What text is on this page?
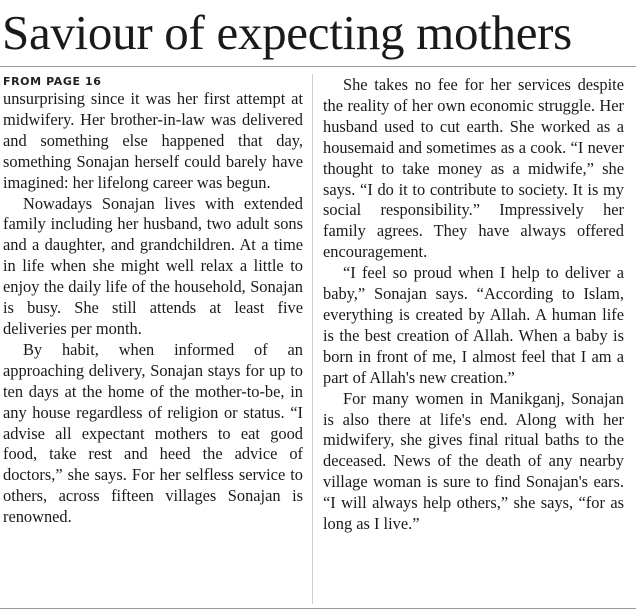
Saviour of expecting mothers
FROM PAGE 16

unsurprising since it was her first attempt at midwifery. Her brother-in-law was delivered and something else happened that day, something Sonajan herself could barely have imagined: her lifelong career was begun.

Nowadays Sonajan lives with extended family including her husband, two adult sons and a daughter, and grandchildren. At a time in life when she might well relax a little to enjoy the daily life of the household, Sonajan is busy. She still attends at least five deliveries per month.

By habit, when informed of an approaching delivery, Sonajan stays for up to ten days at the home of the mother-to-be, in any house regardless of religion or status. “I advise all expectant mothers to eat good food, take rest and heed the advice of doctors,” she says. For her selfless service to others, across fifteen villages Sonajan is renowned.

She takes no fee for her services despite the reality of her own economic struggle. Her husband used to cut earth. She worked as a housemaid and sometimes as a cook. “I never thought to take money as a midwife,” she says. “I do it to contribute to society. It is my social responsibility.” Impressively her family agrees. They have always offered encouragement.

“I feel so proud when I help to deliver a baby,” Sonajan says. “According to Islam, everything is created by Allah. A human life is the best creation of Allah. When a baby is born in front of me, I almost feel that I am a part of Allah's new creation.”

For many women in Manikganj, Sonajan is also there at life's end. Along with her midwifery, she gives final ritual baths to the deceased. News of the death of any nearby village woman is sure to find Sonajan's ears. “I will always help others,” she says, “for as long as I live.”
